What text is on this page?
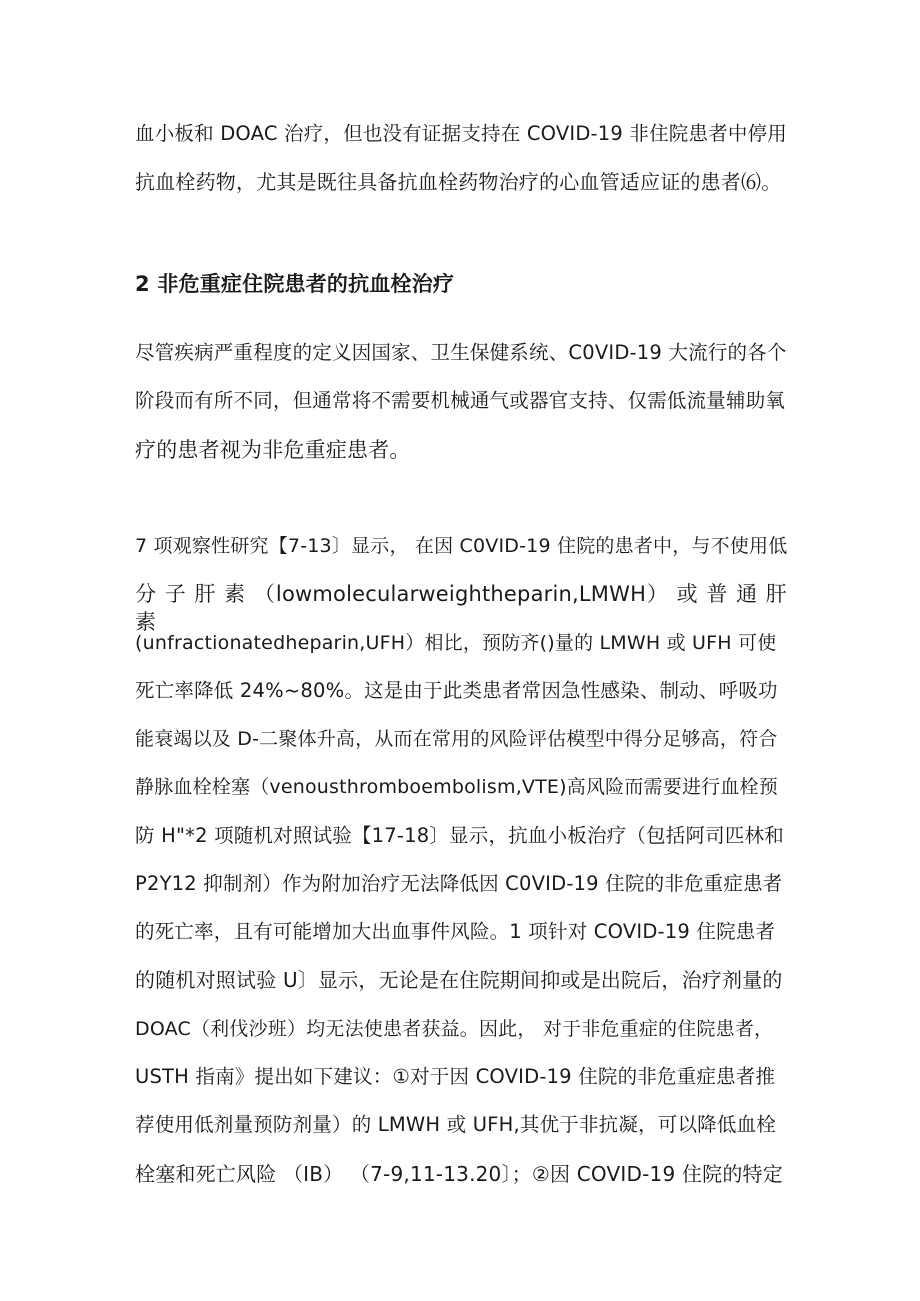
血小板和 DOAC 治疗，但也没有证据支持在 COVID-19 非住院患者中停用
抗血栓药物，尤其是既往具备抗血栓药物治疗的心血管适应证的患者⑹。
2 非危重症住院患者的抗血栓治疗
尽管疾病严重程度的定义因国家、卫生保健系统、C0VID-19 大流行的各个
阶段而有所不同，但通常将不需要机械通气或器官支持、仅需低流量辅助氧
疗的患者视为非危重症患者。
7 项观察性研究【7-13〕显示， 在因 C0VID-19 住院的患者中，与不使用低
分 子 肝 素 （lowmolecularweightheparin,LMWH） 或 普 通 肝 素
(unfractionatedheparin,UFH）相比，预防齐()量的 LMWH 或 UFH 可使
死亡率降低 24%~80%。这是由于此类患者常因急性感染、制动、呼吸功
能衰竭以及 D-二聚体升高，从而在常用的风险评估模型中得分足够高，符合
静脉血栓栓塞（venousthromboembolism,VTE)高风险而需要进行血栓预
防 H"*2 项随机对照试验【17-18〕显示，抗血小板治疗（包括阿司匹林和
P2Y12 抑制剂）作为附加治疗无法降低因 C0VID-19 住院的非危重症患者
的死亡率，且有可能增加大出血事件风险。1 项针对 COVID-19 住院患者
的随机对照试验 U〕显示，无论是在住院期间抑或是出院后，治疗剂量的
DOAC（利伐沙班）均无法使患者获益。因此， 对于非危重症的住院患者，
USTH 指南》提出如下建议：①对于因 COVID-19 住院的非危重症患者推
荐使用低剂量预防剂量）的 LMWH 或 UFH,其优于非抗凝，可以降低血栓
栓塞和死亡风险 （IB） （7-9,11-13.20〕；②因 COVID-19 住院的特定
